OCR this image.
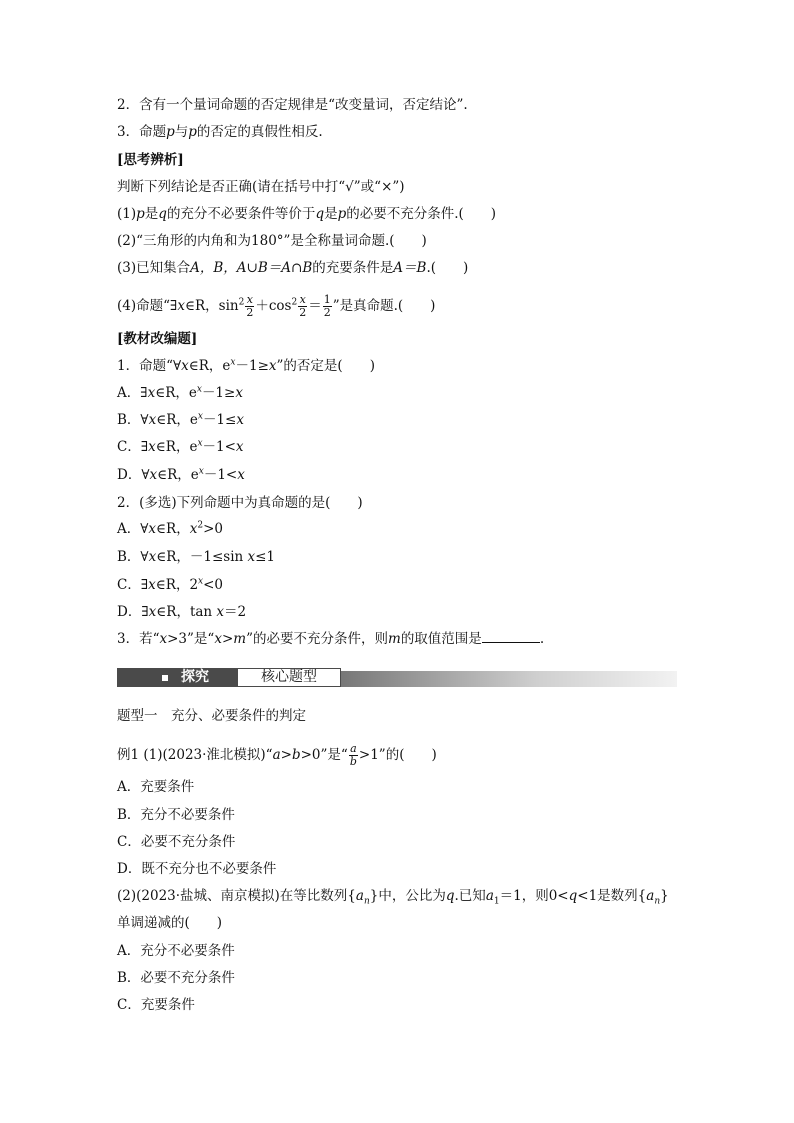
2．含有一个量词命题的否定规律是“改变量词，否定结论”.
3．命题p与p的否定的真假性相反.
[思考辨析]
判断下列结论是否正确(请在括号中打“√”或“×”)
(1)p是q的充分不必要条件等价于q是p的必要不充分条件.(　　)
(2)“三角形的内角和为180°”是全称量词命题.(　　)
(3)已知集合A，B，A∪B＝A∩B的充要条件是A＝B.(　　)
(4)命题“∃x∈R，$\sin^2 \frac{x}{2} +\cos^2 \frac{x}{2} = \frac{1}{2}$ ”是真命题.(　　)
[教材改编题]
1．命题“∀x∈R，$e^x-1\ge x$”的否定是(　　)
A．∃x∈R，$e^x-1\ge x$
B．∀x∈R，$e^x-1\le x$
C．∃x∈R，$e^x-1<x$
D．∀x∈R，$e^x-1<x$
2．(多选)下列命题中为真命题的是(　　)
A．∀x∈R，$x^2>0$
B．∀x∈R，－1≤sin x≤1
C．∃x∈R，$2^x<0$
D．∃x∈R，tan x＝2
3．若“x>3”是“x>m”的必要不充分条件，则m的取值范围是	.
探究	核心题型
题型一　充分、必要条件的判定
例1 (1)(2023·淮北模拟)“a>b>0”是“ $\frac{a}{b} >1$”的(　　)
A．充要条件
B．充分不必要条件
C．必要不充分条件
D．既不充分也不必要条件
(2)(2023·盐城、南京模拟)在等比数列$\{a_n\}$中，公比为q.已知$a_1=1$，则0<q<1是数列$\{a_n\}$
单调递减的(　　)
A．充分不必要条件
B．必要不充分条件
C．充要条件
